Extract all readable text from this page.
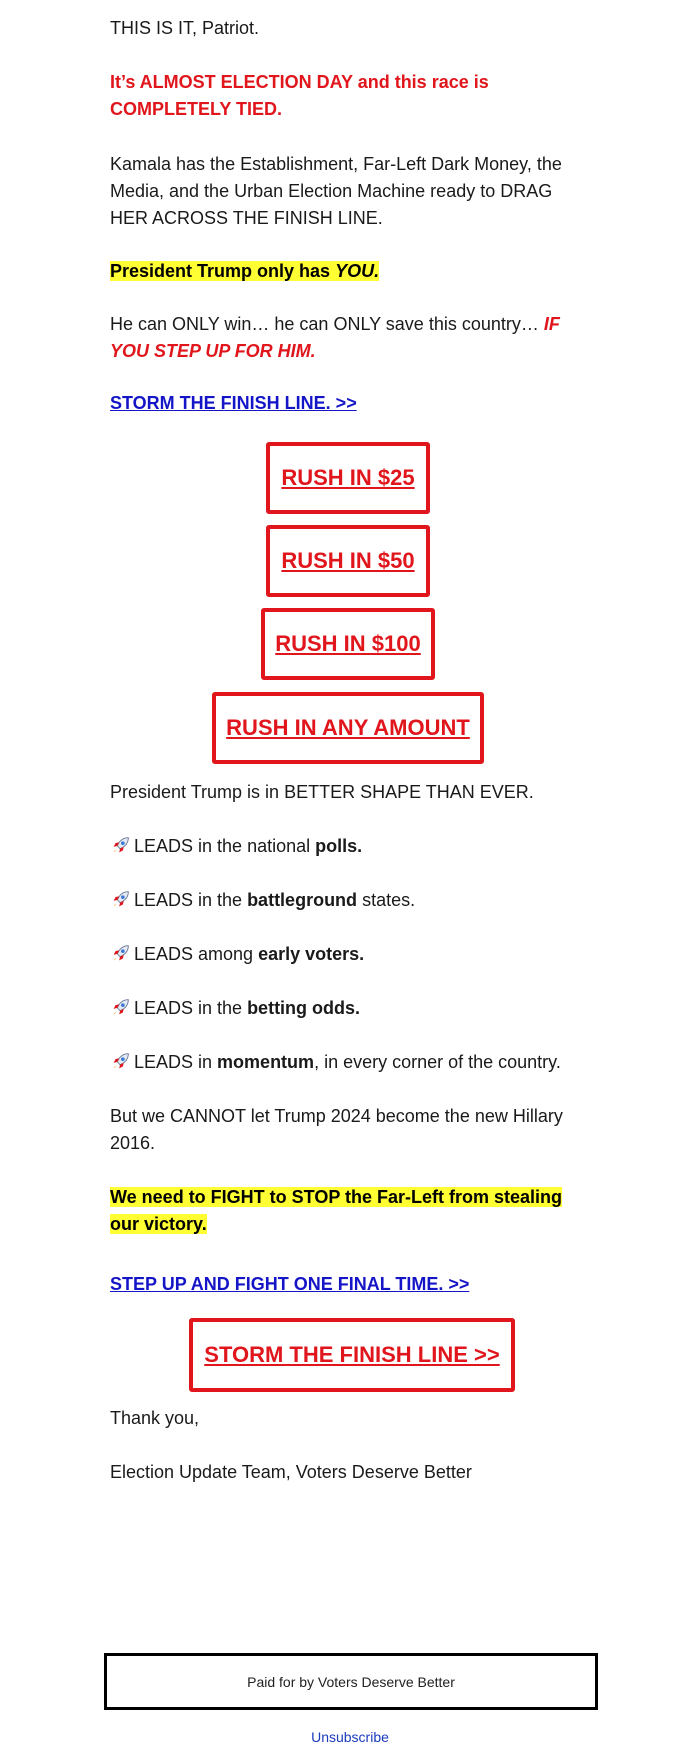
THIS IS IT, Patriot.

It’s ALMOST ELECTION DAY and this race is COMPLETELY TIED.

Kamala has the Establishment, Far-Left Dark Money, the Media, and the Urban Election Machine ready to DRAG HER ACROSS THE FINISH LINE.

President Trump only has YOU.

He can ONLY win… he can ONLY save this country… IF YOU STEP UP FOR HIM.

STORM THE FINISH LINE. >>
RUSH IN $25
RUSH IN $50
RUSH IN $100
RUSH IN ANY AMOUNT

President Trump is in BETTER SHAPE THAN EVER.

LEADS in the national polls.

LEADS in the battleground states.

LEADS among early voters.

LEADS in the betting odds.

LEADS in momentum, in every corner of the country.

But we CANNOT let Trump 2024 become the new Hillary 2016.

We need to FIGHT to STOP the Far-Left from stealing our victory.

STEP UP AND FIGHT ONE FINAL TIME. >>
STORM THE FINISH LINE >>

Thank you,

Election Update Team, Voters Deserve Better

Paid for by Voters Deserve Better
Unsubscribe
